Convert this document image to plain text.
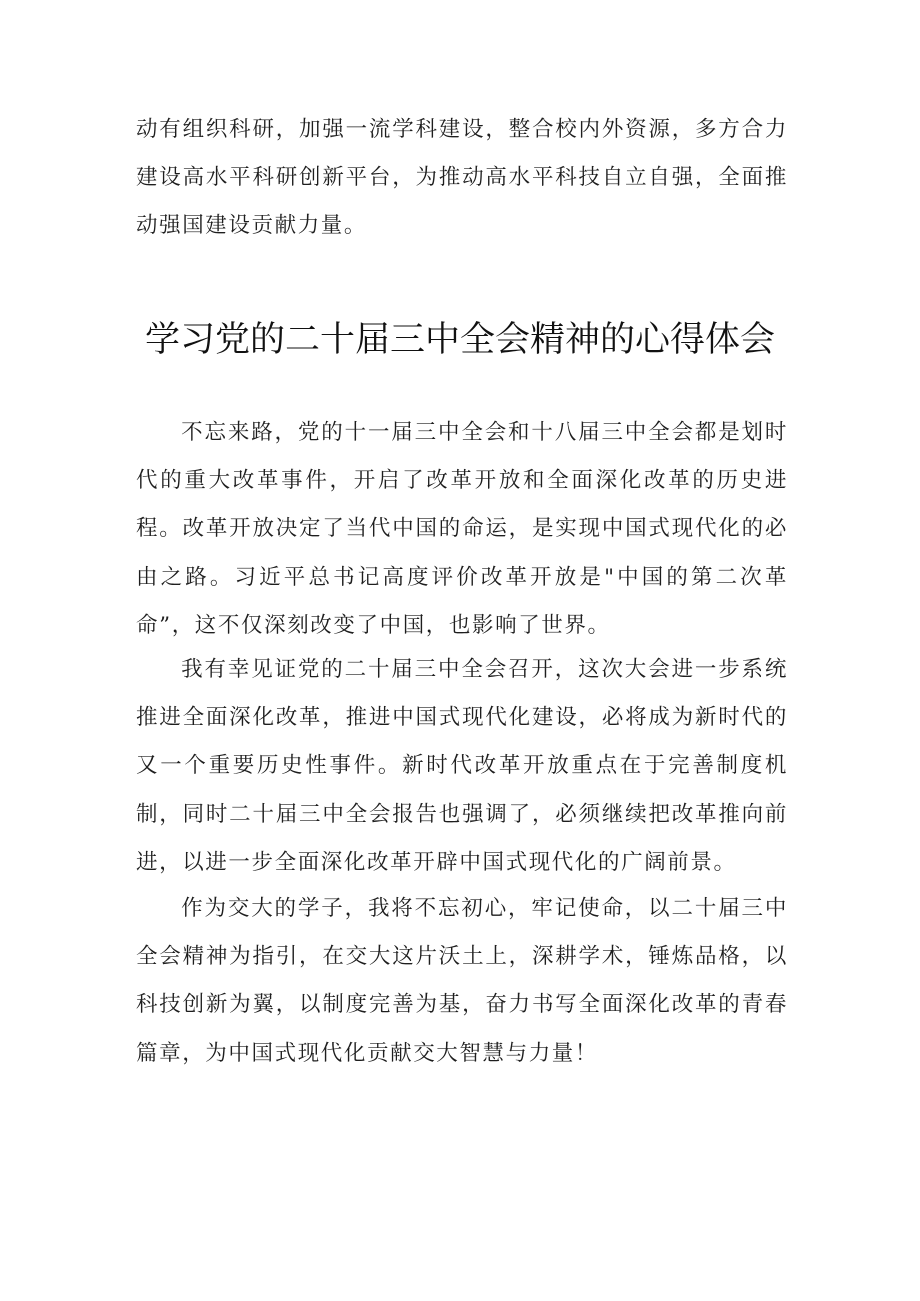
动有组织科研，加强一流学科建设，整合校内外资源，多方合力建设高水平科研创新平台，为推动高水平科技自立自强，全面推动强国建设贡献力量。

学习党的二十届三中全会精神的心得体会

不忘来路，党的十一届三中全会和十八届三中全会都是划时代的重大改革事件，开启了改革开放和全面深化改革的历史进程。改革开放决定了当代中国的命运，是实现中国式现代化的必由之路。习近平总书记高度评价改革开放是"中国的第二次革命”，这不仅深刻改变了中国，也影响了世界。

我有幸见证党的二十届三中全会召开，这次大会进一步系统推进全面深化改革，推进中国式现代化建设，必将成为新时代的又一个重要历史性事件。新时代改革开放重点在于完善制度机制，同时二十届三中全会报告也强调了，必须继续把改革推向前进，以进一步全面深化改革开辟中国式现代化的广阔前景。

作为交大的学子，我将不忘初心，牢记使命，以二十届三中全会精神为指引，在交大这片沃土上，深耕学术，锤炼品格，以科技创新为翼，以制度完善为基，奋力书写全面深化改革的青春篇章，为中国式现代化贡献交大智慧与力量！
